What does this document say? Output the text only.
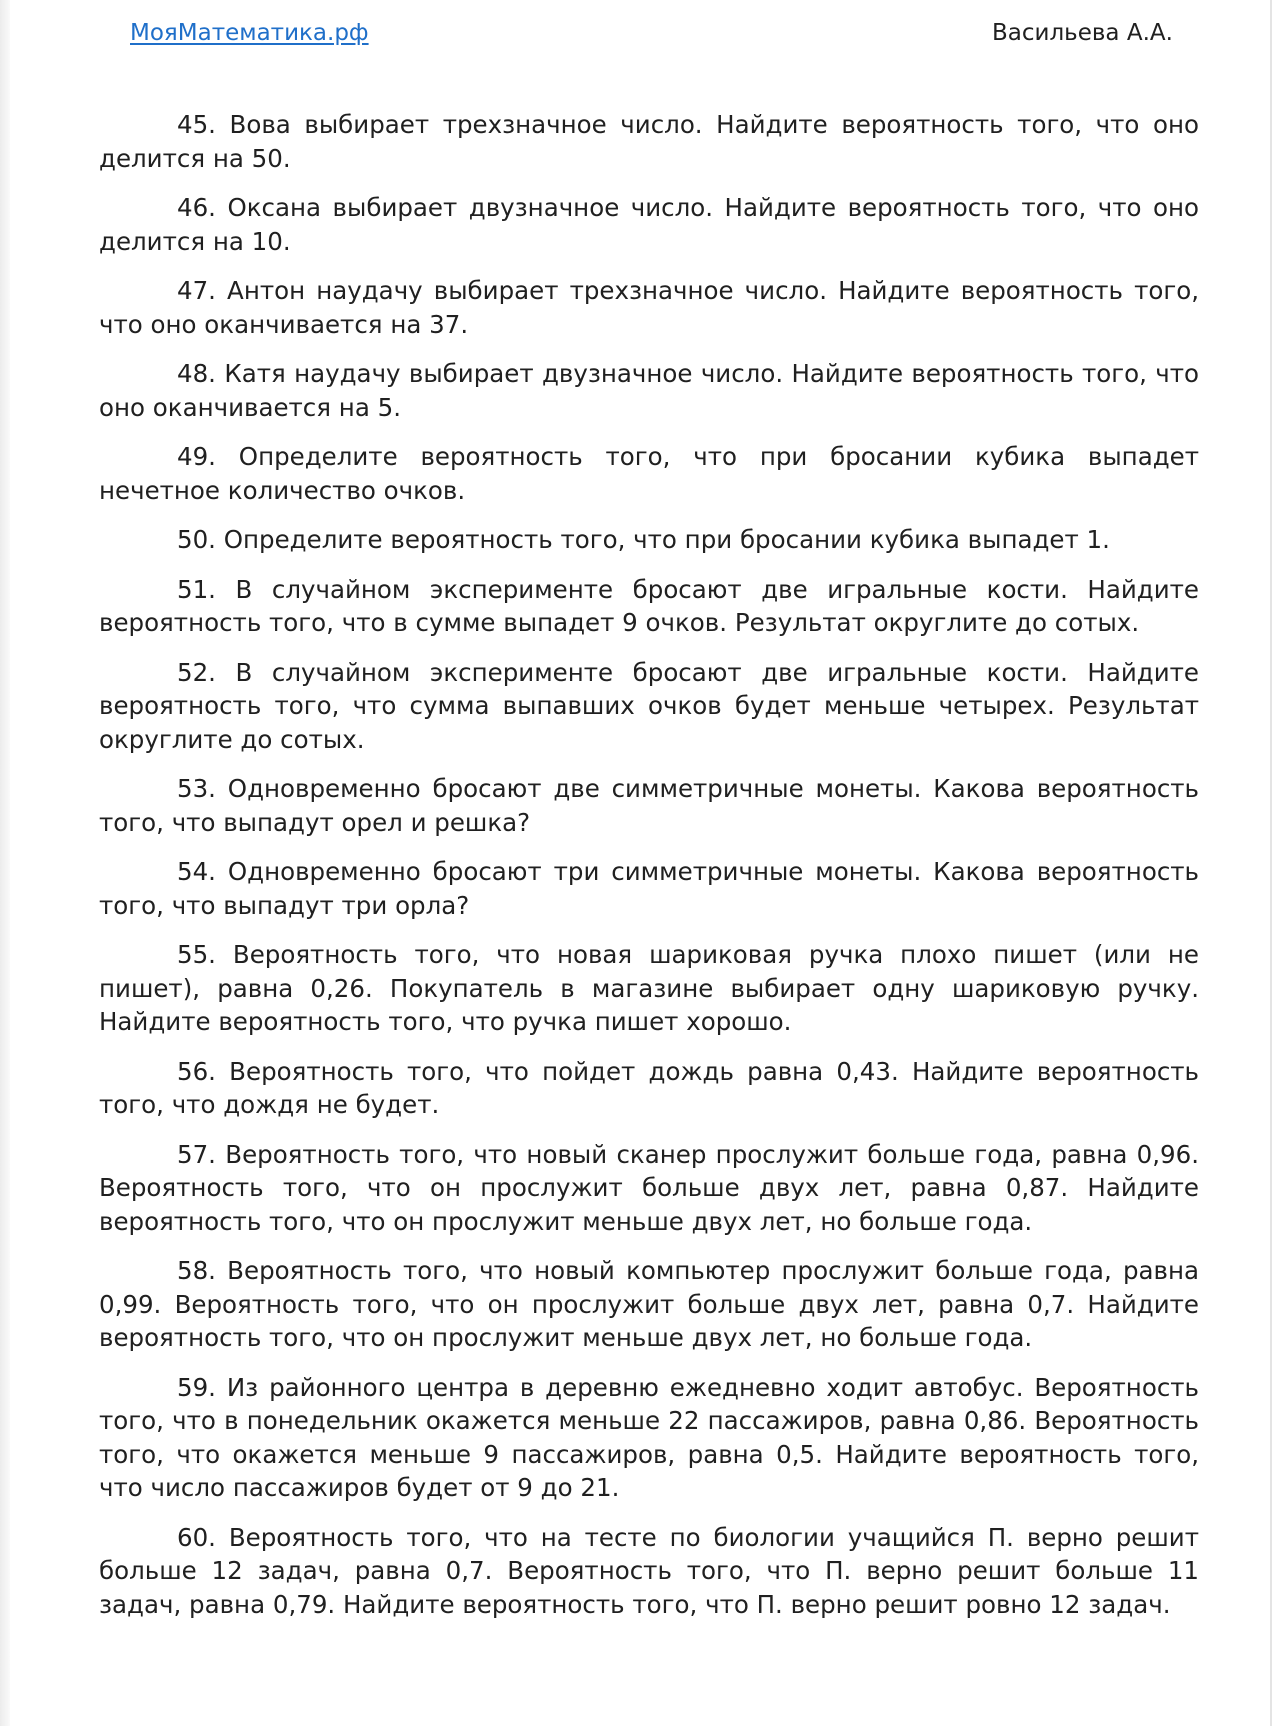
МояМатематика.рф	Васильева А.А.

45. Вова выбирает трехзначное число. Найдите вероятность того, что оно делится на 50.

46. Оксана выбирает двузначное число. Найдите вероятность того, что оно делится на 10.

47. Антон наудачу выбирает трехзначное число. Найдите вероятность того, что оно оканчивается на 37.

48. Катя наудачу выбирает двузначное число. Найдите вероятность того, что оно оканчивается на 5.

49. Определите вероятность того, что при бросании кубика выпадет нечетное количество очков.

50. Определите вероятность того, что при бросании кубика выпадет 1.

51. В случайном эксперименте бросают две игральные кости. Найдите вероятность того, что в сумме выпадет 9 очков. Результат округлите до сотых.

52. В случайном эксперименте бросают две игральные кости. Найдите вероятность того, что сумма выпавших очков будет меньше четырех. Результат округлите до сотых.

53. Одновременно бросают две симметричные монеты. Какова вероятность того, что выпадут орел и решка?

54. Одновременно бросают три симметричные монеты. Какова вероятность того, что выпадут три орла?

55. Вероятность того, что новая шариковая ручка плохо пишет (или не пишет), равна 0,26. Покупатель в магазине выбирает одну шариковую ручку. Найдите вероятность того, что ручка пишет хорошо.

56. Вероятность того, что пойдет дождь равна 0,43. Найдите вероятность того, что дождя не будет.

57. Вероятность того, что новый сканер прослужит больше года, равна 0,96. Вероятность того, что он прослужит больше двух лет, равна 0,87. Найдите вероятность того, что он прослужит меньше двух лет, но больше года.

58. Вероятность того, что новый компьютер прослужит больше года, равна 0,99. Вероятность того, что он прослужит больше двух лет, равна 0,7. Найдите вероятность того, что он прослужит меньше двух лет, но больше года.

59. Из районного центра в деревню ежедневно ходит автобус. Вероятность того, что в понедельник окажется меньше 22 пассажиров, равна 0,86. Вероятность того, что окажется меньше 9 пассажиров, равна 0,5. Найдите вероятность того, что число пассажиров будет от 9 до 21.

60. Вероятность того, что на тесте по биологии учащийся П. верно решит больше 12 задач, равна 0,7. Вероятность того, что П. верно решит больше 11 задач, равна 0,79. Найдите вероятность того, что П. верно решит ровно 12 задач.
